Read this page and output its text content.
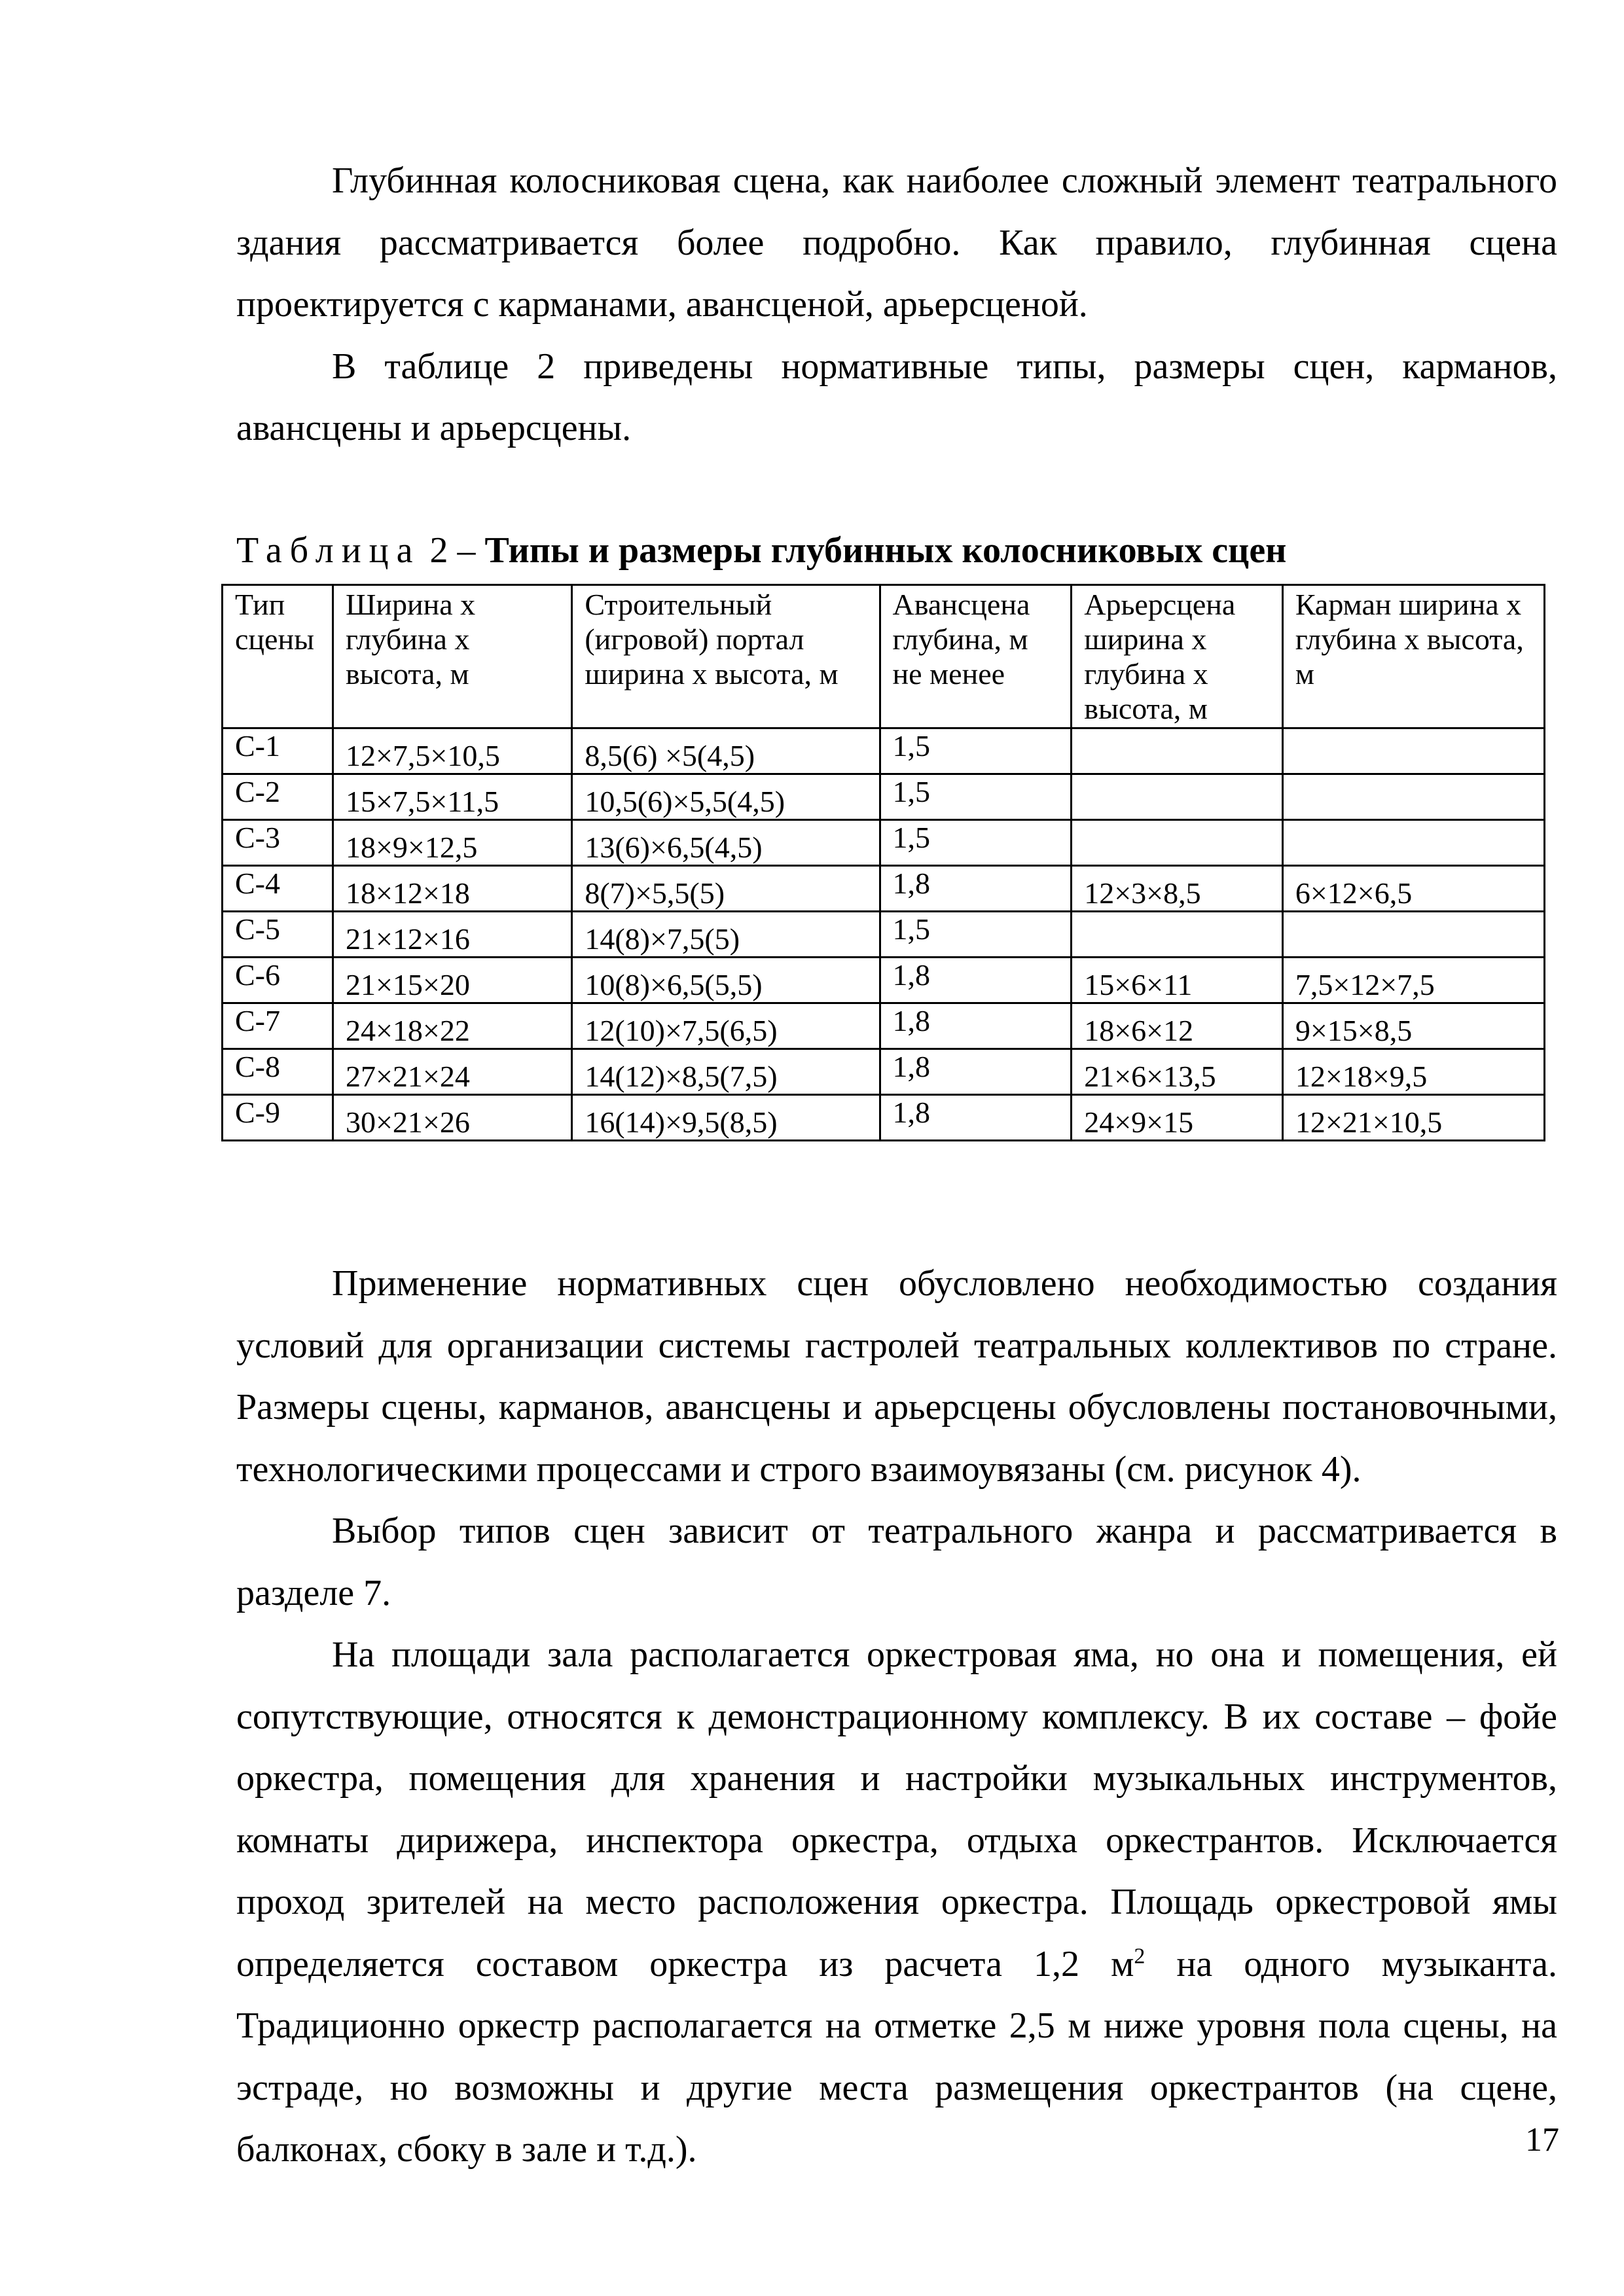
Глубинная колосниковая сцена, как наиболее сложный элемент театрального здания рассматривается более подробно. Как правило, глубинная сцена проектируется с карманами, авансценой, арьерсценой.

В таблице 2 приведены нормативные типы, размеры сцен, карманов, авансцены и арьерсцены.

Таблица 2 – Типы и размеры глубинных колосниковых сцен

Тип сцены	Ширина x глубина x высота, м	Строительный (игровой) портал ширина x высота, м	Авансцена глубина, м не менее	Арьерсцена ширина x глубина x высота, м	Карман ширина x глубина x высота, м
С-1	12×7,5×10,5	8,5(6) ×5(4,5)	1,5	

С-2	15×7,5×11,5	10,5(6)×5,5(4,5)	1,5	

С-3	18×9×12,5	13(6)×6,5(4,5)	1,5	

С-4	18×12×18	8(7)×5,5(5)	1,8	12×3×8,5	6×12×6,5

С-5	21×12×16	14(8)×7,5(5)	1,5	

С-6	21×15×20	10(8)×6,5(5,5)	1,8	15×6×11	7,5×12×7,5

С-7	24×18×22	12(10)×7,5(6,5)	1,8	18×6×12	9×15×8,5

С-8	27×21×24	14(12)×8,5(7,5)	1,8	21×6×13,5	12×18×9,5

С-9	30×21×26	16(14)×9,5(8,5)	1,8	24×9×15	12×21×10,5

Применение нормативных сцен обусловлено необходимостью создания условий для организации системы гастролей театральных коллективов по стране. Размеры сцены, карманов, авансцены и арьерсцены обусловлены постановочными, технологическими процессами и строго взаимоувязаны (см. рисунок 4).

Выбор типов сцен зависит от театрального жанра и рассматривается в разделе 7.

На площади зала располагается оркестровая яма, но она и помещения, ей сопутствующие, относятся к демонстрационному комплексу. В их составе – фойе оркестра, помещения для хранения и настройки музыкальных инструментов, комнаты дирижера, инспектора оркестра, отдыха оркестрантов. Исключается проход зрителей на место расположения оркестра. Площадь оркестровой ямы определяется составом оркестра из расчета 1,2 $м^2$ на одного музыканта. Традиционно оркестр располагается на отметке 2,5 м ниже уровня пола сцены, на эстраде, но возможны и другие места размещения оркестрантов (на сцене, балконах, сбоку в зале и т.д.).	17
